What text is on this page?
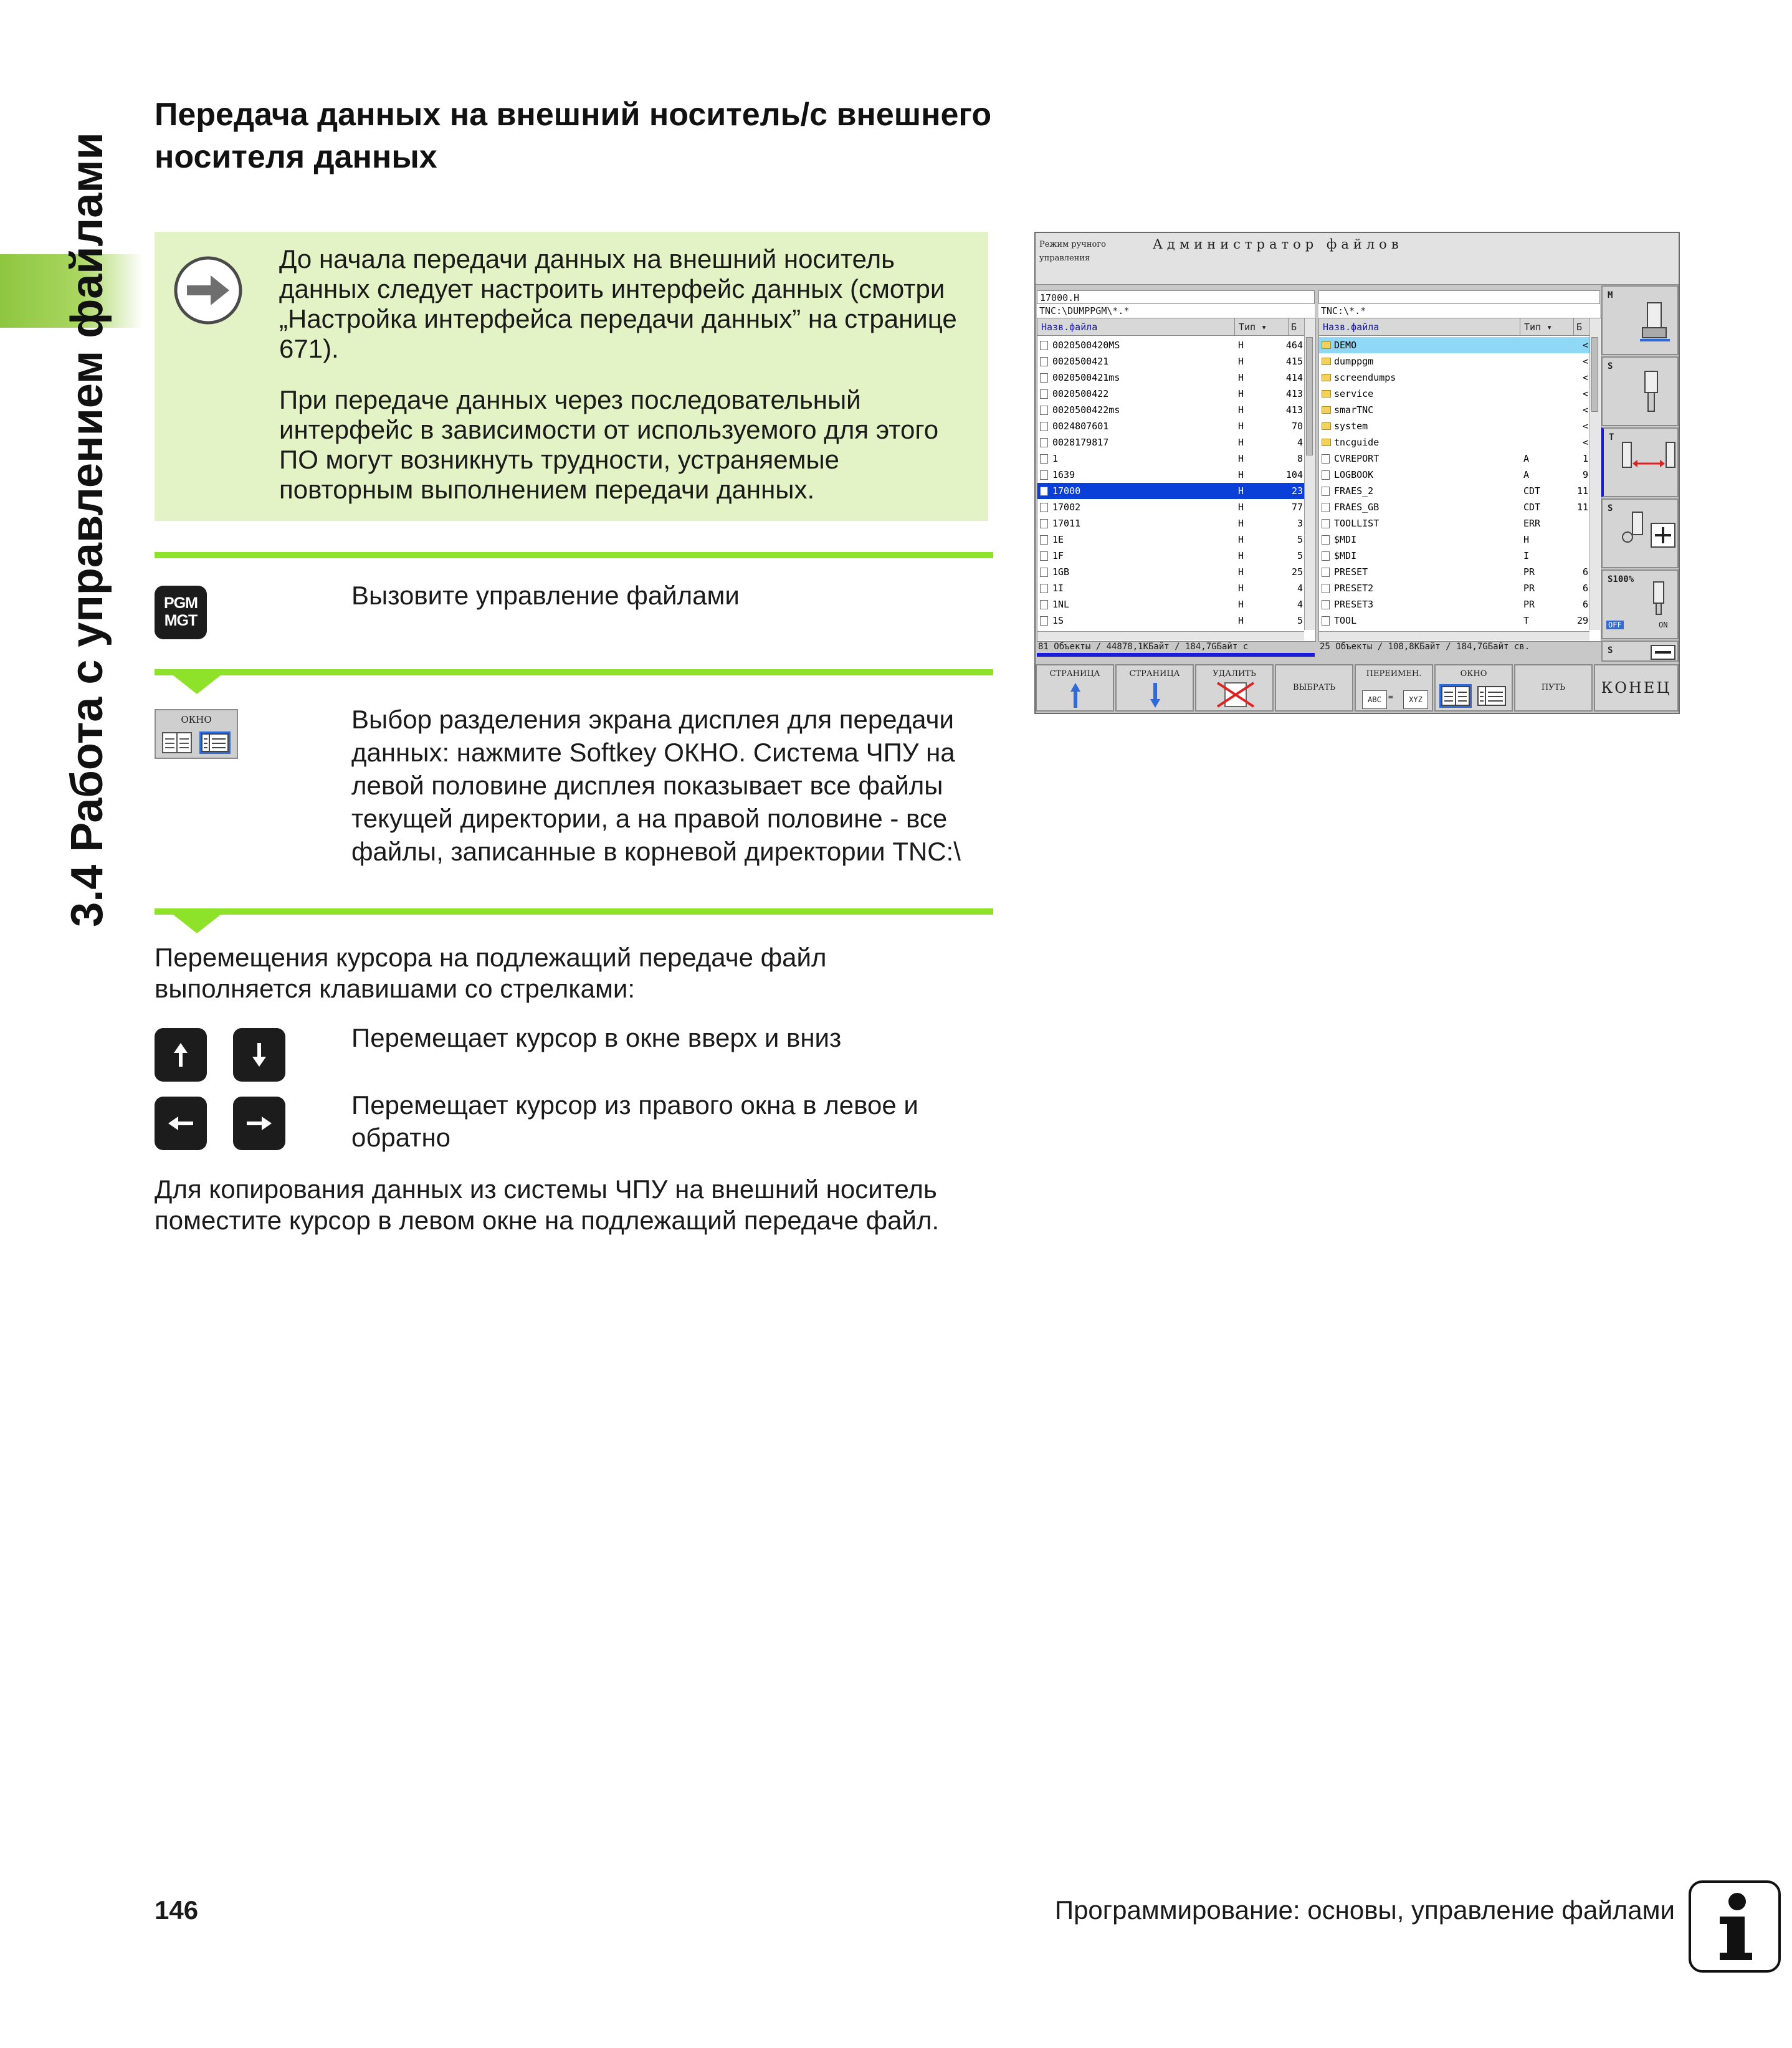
3.4 Работа с управлением файлами
Передача данных на внешний носитель/с внешнего носителя данных
До начала передачи данных на внешний носитель данных следует настроить интерфейс данных (смотри „Настройка интерфейса передачи данных” на странице 671).
При передаче данных через последовательный интерфейс в зависимости от используемого для этого ПО могут возникнуть трудности, устраняемые повторным выполнением передачи данных.
PGM
MGT
Вызовите управление файлами
ОКНО	Выбор разделения экрана дисплея для передачи данных: нажмите Softkey ОКНО. Система ЧПУ на левой половине дисплея показывает все файлы текущей директории, а на правой половине - все файлы, записанные в корневой директории TNC:\
Перемещения курсора на подлежащий передаче файл выполняется клавишами со стрелками:
Перемещает курсор в окне вверх и вниз
Перемещает курсор из правого окна в левое и обратно
Для копирования данных из системы ЧПУ на внешний носитель поместите курсор в левом окне на подлежащий передаче файл.
Режим ручного управления
Администратор файлов
17000.H
TNC:\DUMPPGM\*.*
Назв.файла	Тип ▾	Б
0020500420MS	H	464
0020500421	H	415
0020500421ms	H	414
0020500422	H	413
0020500422ms	H	413
0024807601	H	70
0028179817	H	4
1	H	8
1639	H	104
17000	H	23
17002	H	77
17011	H	3
1E	H	5
1F	H	5
1GB	H	25
1I	H	4
1NL	H	4
1S	H	5
81 Объекты / 44878,1КБайт / 184,7GБайт с
TNC:\*.*
Назв.файла	Тип ▾	Б
DEMO	<
dumppgm	<
screendumps	<
service	<
smarTNC	<
system	<
tncguide	<
CVREPORT	A	1
LOGBOOK	A	9
FRAES_2	CDT	11
FRAES_GB	CDT	11
TOOLLIST	ERR
$MDI	H
$MDI	I
PRESET	PR	6
PRESET2	PR	6
PRESET3	PR	6
TOOL	T	29
25 Объекты / 108,8КБайт / 184,7GБайт св.
M
S
T
S
S100%
OFF	ON
S
СТРАНИЦА	СТРАНИЦА	УДАЛИТЬ
ВЫБРАТЬ
ПЕРЕИМЕН.
ABC =	XYZ
ОКНО
ПУТЬ	КОНЕЦ
146	Программирование: основы, управление файлами
